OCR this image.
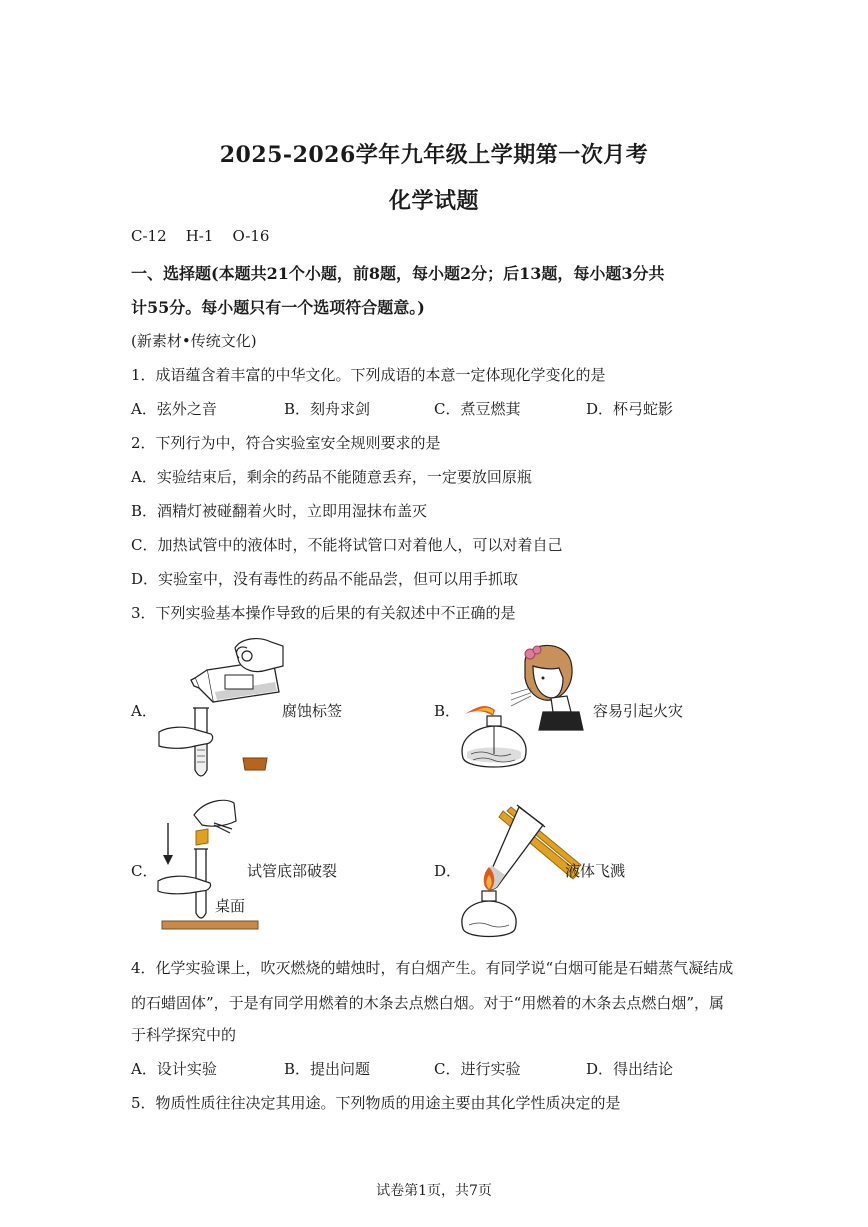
2025-2026学年九年级上学期第一次月考
化学试题
C-12    H-1    O-16
一、选择题(本题共21个小题，前8题，每小题2分；后13题，每小题3分共
计55分。每小题只有一个选项符合题意。)
(新素材•传统文化)
1．成语蕴含着丰富的中华文化。下列成语的本意一定体现化学变化的是
A．弦外之音	B．刻舟求剑	C．煮豆燃萁	D．杯弓蛇影
2．下列行为中，符合实验室安全规则要求的是
A．实验结束后，剩余的药品不能随意丢弃，一定要放回原瓶
B．酒精灯被碰翻着火时，立即用湿抹布盖灭
C．加热试管中的液体时，不能将试管口对着他人，可以对着自己
D．实验室中，没有毒性的药品不能品尝，但可以用手抓取
3．下列实验基本操作导致的后果的有关叙述中不正确的是
A．	腐蚀标签	B．	容易引起火灾
C．
桌面
试管底部破裂	D．	液体飞溅
4．化学实验课上，吹灭燃烧的蜡烛时，有白烟产生。有同学说“白烟可能是石蜡蒸气凝结成
的石蜡固体”，于是有同学用燃着的木条去点燃白烟。对于“用燃着的木条去点燃白烟”，属
于科学探究中的
A．设计实验	B．提出问题	C．进行实验	D．得出结论
5．物质性质往往决定其用途。下列物质的用途主要由其化学性质决定的是
试卷第1页，共7页
